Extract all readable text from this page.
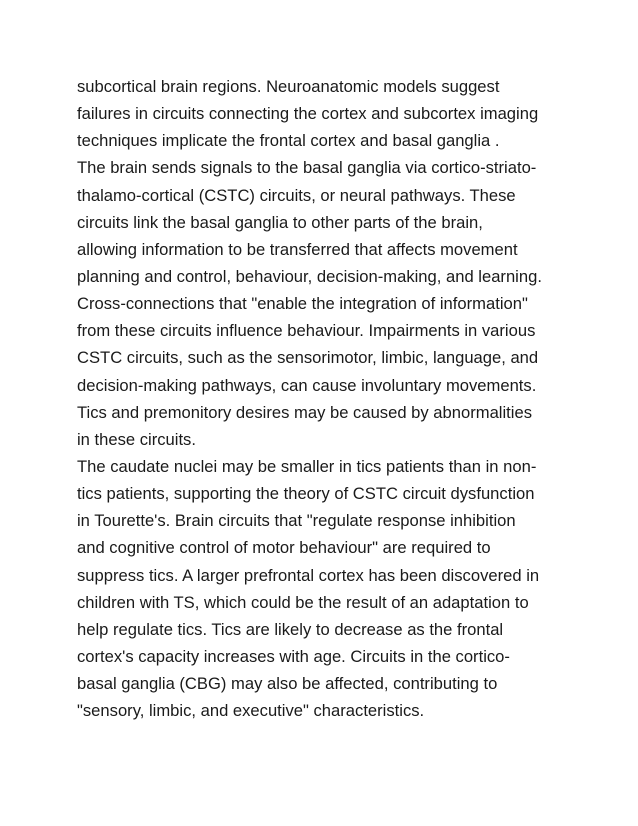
subcortical brain regions. Neuroanatomic models suggest
failures in circuits connecting the cortex and subcortex imaging
techniques implicate the frontal cortex and basal ganglia .
The brain sends signals to the basal ganglia via cortico-striato-
thalamo-cortical (CSTC) circuits, or neural pathways. These
circuits link the basal ganglia to other parts of the brain,
allowing information to be transferred that affects movement
planning and control, behaviour, decision-making, and learning.
Cross-connections that "enable the integration of information"
from these circuits influence behaviour. Impairments in various
CSTC circuits, such as the sensorimotor, limbic, language, and
decision-making pathways, can cause involuntary movements.
Tics and premonitory desires may be caused by abnormalities
in these circuits.
The caudate nuclei may be smaller in tics patients than in non-
tics patients, supporting the theory of CSTC circuit dysfunction
in Tourette's. Brain circuits that "regulate response inhibition
and cognitive control of motor behaviour" are required to
suppress tics. A larger prefrontal cortex has been discovered in
children with TS, which could be the result of an adaptation to
help regulate tics. Tics are likely to decrease as the frontal
cortex's capacity increases with age. Circuits in the cortico-
basal ganglia (CBG) may also be affected, contributing to
"sensory, limbic, and executive" characteristics.
